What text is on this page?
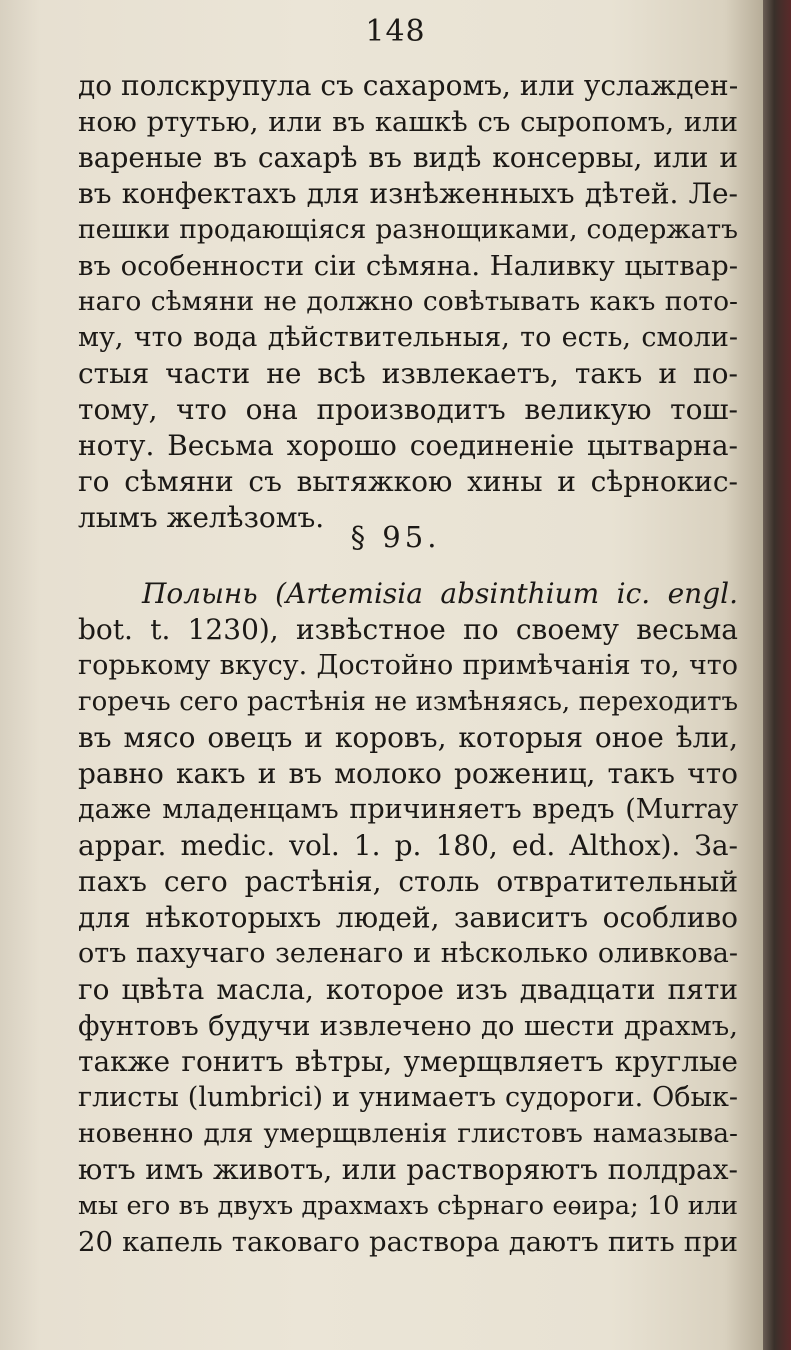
148
до полскрупула съ сахаромъ, или услажден-
ною ртутью, или въ кашкѣ съ сыропомъ, или
вареные въ сахарѣ въ видѣ консервы, или и
въ конфектахъ для изнѣженныхъ дѣтей. Ле-
пешки продающіяся разнощиками, содержатъ
въ особенности сіи сѣмяна. Наливку цытвар-
наго сѣмяни не должно совѣтывать какъ пото-
му, что вода дѣйствительныя, то есть, смоли-
стыя части не всѣ извлекаетъ, такъ и по-
тому, что она производитъ великую тош-
ноту. Весьма хорошо соединеніе цытварна-
го сѣмяни съ вытяжкою хины и сѣрнокис-
лымъ желѣзомъ.
§ 95.
Полынь (Artemisia absinthium ic. engl.
bot. t. 1230), извѣстное по своему весьма
горькому вкусу. Достойно примѣчанія то, что
горечь сего растѣнія не измѣняясь, переходитъ
въ мясо овецъ и коровъ, которыя оное ѣли,
равно какъ и въ молоко рожениц, такъ что
даже младенцамъ причиняетъ вредъ (Murray
appar. medic. vol. 1. p. 180, ed. Althox). За-
пахъ сего растѣнія, столь отвратительный
для нѣкоторыхъ людей, зависитъ особливо
отъ пахучаго зеленаго и нѣсколько оливкова-
го цвѣта масла, которое изъ двадцати пяти
фунтовъ будучи извлечено до шести драхмъ,
также гонитъ вѣтры, умерщвляетъ круглые
глисты (lumbrici) и унимаетъ судороги. Обык-
новенно для умерщвленія глистовъ намазыва-
ютъ имъ животъ, или растворяютъ полдрах-
мы его въ двухъ драхмахъ сѣрнаго еѳира; 10 или
20 капель таковаго раствора даютъ пить при
